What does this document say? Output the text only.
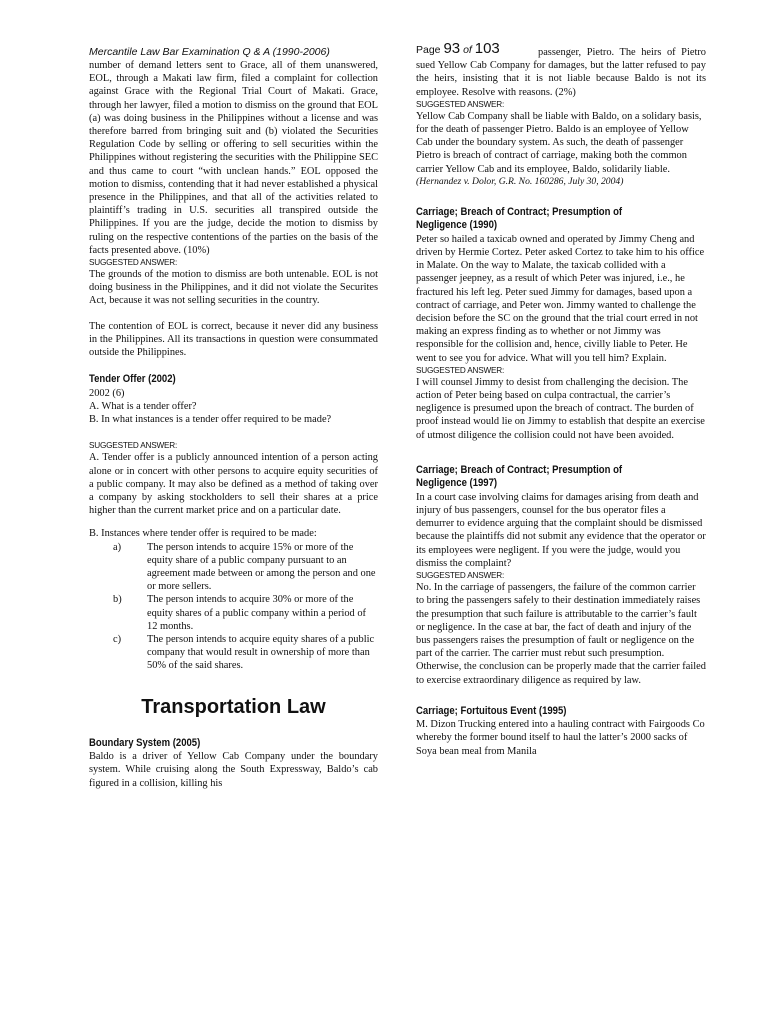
Mercantile Law Bar Examination Q & A (1990-2006)	Page 93 of 103

number of demand letters sent to Grace, all of them unanswered, EOL, through a Makati law firm, filed a complaint for collection against Grace with the Regional Trial Court of Makati. Grace, through her lawyer, filed a motion to dismiss on the ground that EOL (a) was doing business in the Philippines without a license and was therefore barred from bringing suit and (b) violated the Securities Regulation Code by selling or offering to sell securities within the Philippines without registering the securities with the Philippine SEC and thus came to court “with unclean hands.” EOL opposed the motion to dismiss, contending that it had never established a physical presence in the Philippines, and that all of the activities related to plaintiff’s trading in U.S. securities all transpired outside the Philippines. If you are the judge, decide the motion to dismiss by ruling on the respective contentions of the parties on the basis of the facts presented above. (10%)

SUGGESTED ANSWER:

The grounds of the motion to dismiss are both untenable. EOL is not doing business in the Philippines, and it did not violate the Securites Act, because it was not selling securities in the country.

The contention of EOL is correct, because it never did any business in the Philippines. All its transactions in question were consummated outside the Philippines.

Tender Offer (2002)

2002 (6)

A. What is a tender offer?

B. In what instances is a tender offer required to be made?

SUGGESTED ANSWER:

A. Tender offer is a publicly announced intention of a person acting alone or in concert with other persons to acquire equity securities of a public company. It may also be defined as a method of taking over a company by asking stockholders to sell their shares at a price higher than the current market price and on a particular date.

B. Instances where tender offer is required to be made:

a)	The person intends to acquire 15% or more of the equity share of a public company pursuant to an agreement made between or among the person and one or more sellers.
b)	The person intends to acquire 30% or more of the equity shares of a public company within a period of 12 months.
c)	The person intends to acquire equity shares of a public company that would result in ownership of more than 50% of the said shares.

Transportation Law

Boundary System (2005)

Baldo is a driver of Yellow Cab Company under the boundary system. While cruising along the South Expressway, Baldo’s cab figured in a collision, killing his

passenger, Pietro. The heirs of Pietro sued Yellow Cab Company for damages, but the latter refused to pay the heirs, insisting that it is not liable because Baldo is not its employee. Resolve with reasons. (2%)

SUGGESTED ANSWER:

Yellow Cab Company shall be liable with Baldo, on a solidary basis, for the death of passenger Pietro. Baldo is an employee of Yellow Cab under the boundary system. As such, the death of passenger Pietro is breach of contract of carriage, making both the common carrier Yellow Cab and its employee, Baldo, solidarily liable.

(Hernandez v. Dolor, G.R. No. 160286, July 30, 2004)

Carriage; Breach of Contract; Presumption of

Negligence (1990)

Peter so hailed a taxicab owned and operated by Jimmy Cheng and driven by Hermie Cortez. Peter asked Cortez to take him to his office in Malate. On the way to Malate, the taxicab collided with a passenger jeepney, as a result of which Peter was injured, i.e., he fractured his left leg. Peter sued Jimmy for damages, based upon a contract of carriage, and Peter won. Jimmy wanted to challenge the decision before the SC on the ground that the trial court erred in not making an express finding as to whether or not Jimmy was responsible for the collision and, hence, civilly liable to Peter. He went to see you for advice. What will you tell him? Explain.

SUGGESTED ANSWER:

I will counsel Jimmy to desist from challenging the decision. The action of Peter being based on culpa contractual, the carrier’s negligence is presumed upon the breach of contract. The burden of proof instead would lie on Jimmy to establish that despite an exercise of utmost diligence the collision could not have been avoided.

Carriage; Breach of Contract; Presumption of

Negligence (1997)

In a court case involving claims for damages arising from death and injury of bus passengers, counsel for the bus operator files a demurrer to evidence arguing that the complaint should be dismissed because the plaintiffs did not submit any evidence that the operator or its employees were negligent. If you were the judge, would you dismiss the complaint?

SUGGESTED ANSWER:

No. In the carriage of passengers, the failure of the common carrier to bring the passengers safely to their destination immediately raises the presumption that such failure is attributable to the carrier’s fault or negligence. In the case at bar, the fact of death and injury of the bus passengers raises the presumption of fault or negligence on the part of the carrier. The carrier must rebut such presumption. Otherwise, the conclusion can be properly made that the carrier failed to exercise extraordinary diligence as required by law.

Carriage; Fortuitous Event (1995)

M. Dizon Trucking entered into a hauling contract with Fairgoods Co whereby the former bound itself to haul the latter’s 2000 sacks of Soya bean meal from Manila
